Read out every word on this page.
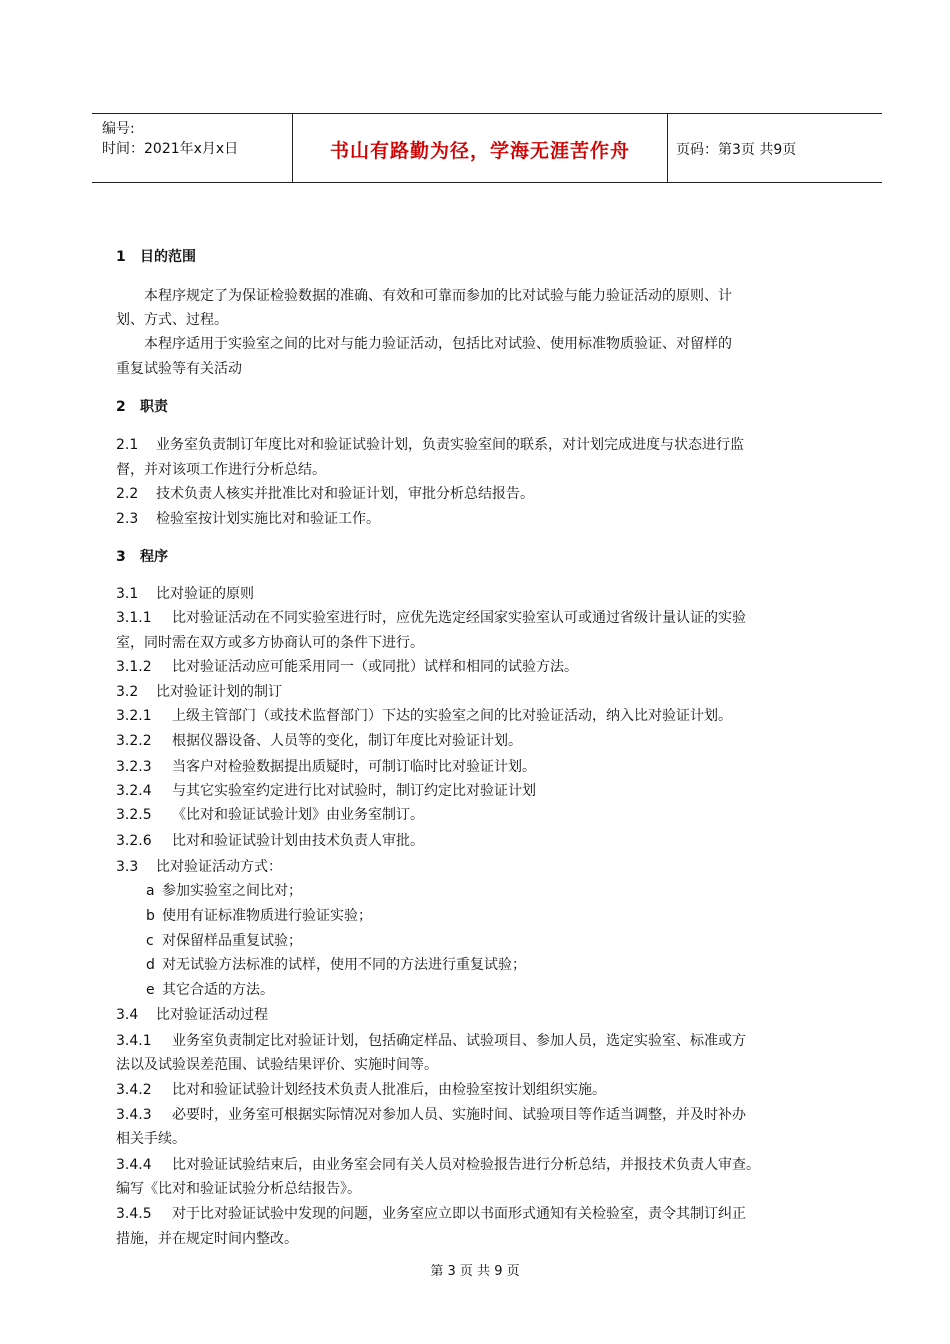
编号:
时间：2021年x月x日	书山有路勤为径，学海无涯苦作舟	页码：第3页 共9页
1 目的范围
本程序规定了为保证检验数据的准确、有效和可靠而参加的比对试验与能力验证活动的原则、计
划、方式、过程。
本程序适用于实验室之间的比对与能力验证活动，包括比对试验、使用标准物质验证、对留样的
重复试验等有关活动
2 职责
2.1 业务室负责制订年度比对和验证试验计划，负责实验室间的联系，对计划完成进度与状态进行监
督，并对该项工作进行分析总结。
2.2 技术负责人核实并批准比对和验证计划，审批分析总结报告。
2.3 检验室按计划实施比对和验证工作。
3 程序
3.1 比对验证的原则
3.1.1 比对验证活动在不同实验室进行时，应优先选定经国家实验室认可或通过省级计量认证的实验
室，同时需在双方或多方协商认可的条件下进行。
3.1.2 比对验证活动应可能采用同一（或同批）试样和相同的试验方法。
3.2 比对验证计划的制订
3.2.1 上级主管部门（或技术监督部门）下达的实验室之间的比对验证活动，纳入比对验证计划。
3.2.2 根据仪器设备、人员等的变化，制订年度比对验证计划。
3.2.3 当客户对检验数据提出质疑时，可制订临时比对验证计划。
3.2.4 与其它实验室约定进行比对试验时，制订约定比对验证计划
3.2.5 《比对和验证试验计划》由业务室制订。
3.2.6 比对和验证试验计划由技术负责人审批。
3.3 比对验证活动方式：
a 参加实验室之间比对；
b 使用有证标准物质进行验证实验；
c 对保留样品重复试验；
d 对无试验方法标准的试样，使用不同的方法进行重复试验；
e 其它合适的方法。
3.4 比对验证活动过程
3.4.1 业务室负责制定比对验证计划，包括确定样品、试验项目、参加人员，选定实验室、标准或方
法以及试验误差范围、试验结果评价、实施时间等。
3.4.2 比对和验证试验计划经技术负责人批准后，由检验室按计划组织实施。
3.4.3 必要时，业务室可根据实际情况对参加人员、实施时间、试验项目等作适当调整，并及时补办
相关手续。
3.4.4 比对验证试验结束后，由业务室会同有关人员对检验报告进行分析总结，并报技术负责人审查。
编写《比对和验证试验分析总结报告》。
3.4.5 对于比对验证试验中发现的问题，业务室应立即以书面形式通知有关检验室，责令其制订纠正
措施，并在规定时间内整改。
第 3 页 共 9 页
